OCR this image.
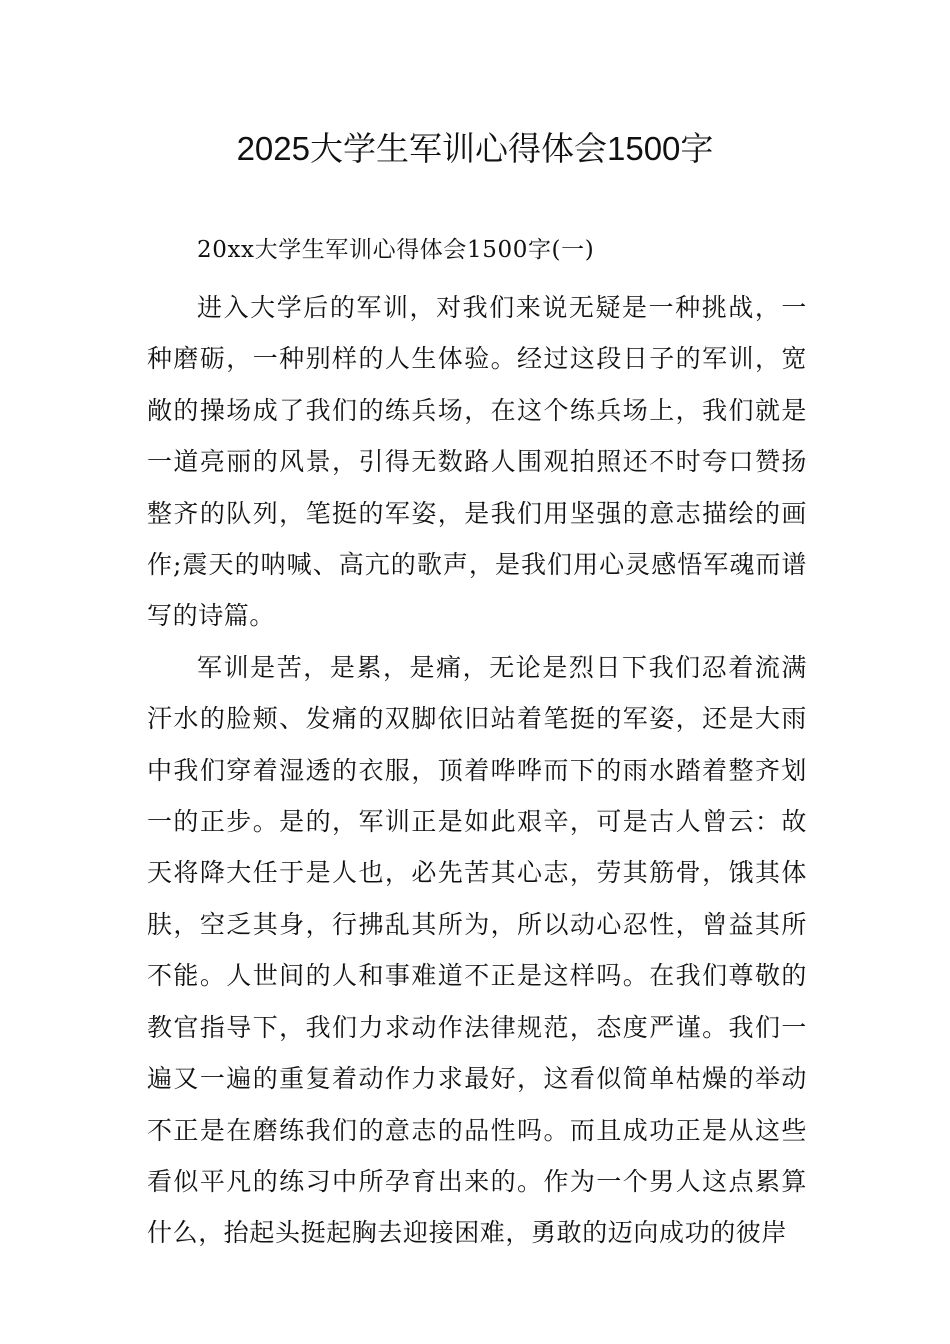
2025大学生军训心得体会1500字

20xx大学生军训心得体会1500字(一)

进入大学后的军训，对我们来说无疑是一种挑战，一种磨砺，一种别样的人生体验。经过这段日子的军训，宽敞的操场成了我们的练兵场，在这个练兵场上，我们就是一道亮丽的风景，引得无数路人围观拍照还不时夸口赞扬整齐的队列，笔挺的军姿，是我们用坚强的意志描绘的画作;震天的呐喊、高亢的歌声，是我们用心灵感悟军魂而谱写的诗篇。

军训是苦，是累，是痛，无论是烈日下我们忍着流满汗水的脸颊、发痛的双脚依旧站着笔挺的军姿，还是大雨中我们穿着湿透的衣服，顶着哗哗而下的雨水踏着整齐划一的正步。是的，军训正是如此艰辛，可是古人曾云：故天将降大任于是人也，必先苦其心志，劳其筋骨，饿其体肤，空乏其身，行拂乱其所为，所以动心忍性，曾益其所不能。人世间的人和事难道不正是这样吗。在我们尊敬的教官指导下，我们力求动作法律规范，态度严谨。我们一遍又一遍的重复着动作力求最好，这看似简单枯燥的举动不正是在磨练我们的意志的品性吗。而且成功正是从这些看似平凡的练习中所孕育出来的。作为一个男人这点累算什么，抬起头挺起胸去迎接困难，勇敢的迈向成功的彼岸
